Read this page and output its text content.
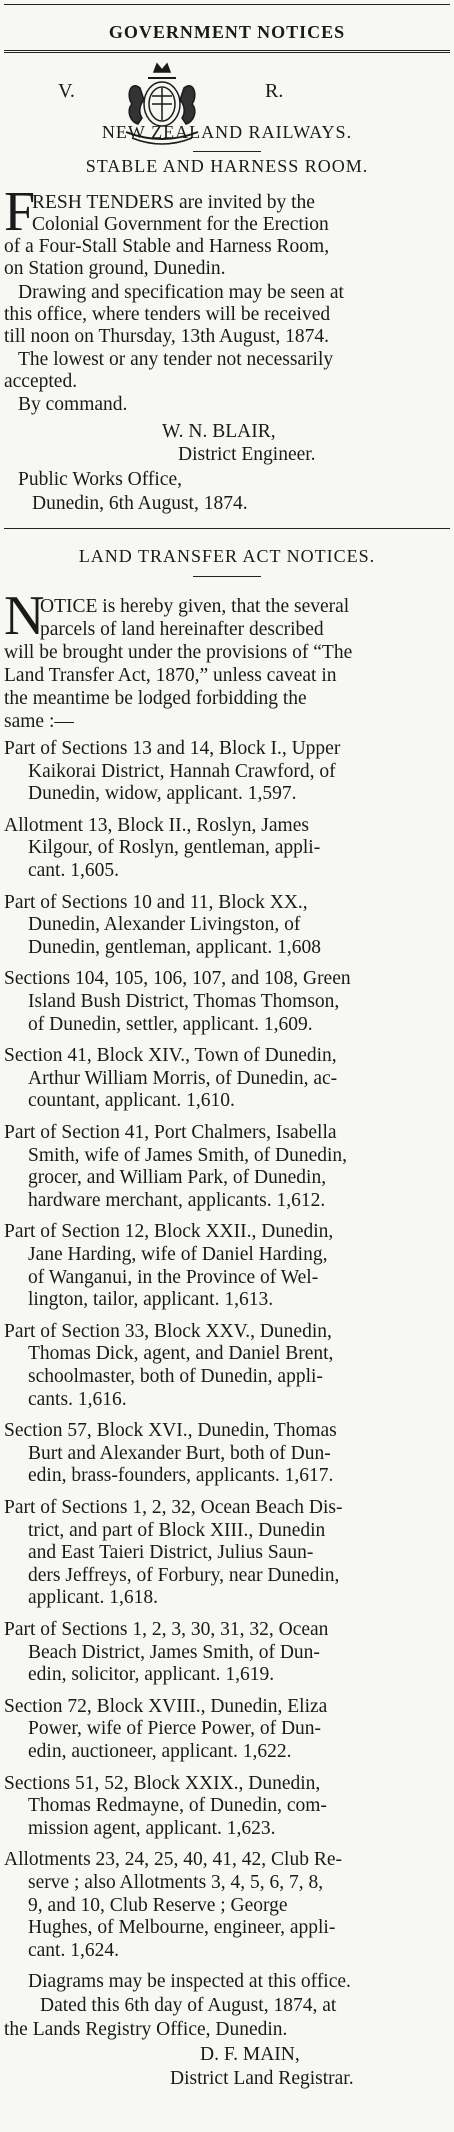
GOVERNMENT NOTICES
V.	R.
NEW ZEALAND RAILWAYS.
STABLE AND HARNESS ROOM.
F
RESH TENDERS are invited by the
Colonial Government for the Erection
of a Four-Stall Stable and Harness Room,
on Station ground, Dunedin.
Drawing and specification may be seen at
this office, where tenders will be received
till noon on Thursday, 13th August, 1874.
The lowest or any tender not necessarily
accepted.
By command.
W. N. BLAIR,
District Engineer.
Public Works Office,
Dunedin, 6th August, 1874.
LAND TRANSFER ACT NOTICES.
N
OTICE is hereby given, that the several
parcels of land hereinafter described
will be brought under the provisions of “The
Land Transfer Act, 1870,” unless caveat in
the meantime be lodged forbidding the
same :—
Part of Sections 13 and 14, Block I., Upper
Kaikorai District, Hannah Crawford, of
Dunedin, widow, applicant. 1,597.
Allotment 13, Block II., Roslyn, James
Kilgour, of Roslyn, gentleman, appli-
cant. 1,605.
Part of Sections 10 and 11, Block XX.,
Dunedin, Alexander Livingston, of
Dunedin, gentleman, applicant. 1,608
Sections 104, 105, 106, 107, and 108, Green
Island Bush District, Thomas Thomson,
of Dunedin, settler, applicant. 1,609.
Section 41, Block XIV., Town of Dunedin,
Arthur William Morris, of Dunedin, ac-
countant, applicant. 1,610.
Part of Section 41, Port Chalmers, Isabella
Smith, wife of James Smith, of Dunedin,
grocer, and William Park, of Dunedin,
hardware merchant, applicants. 1,612.
Part of Section 12, Block XXII., Dunedin,
Jane Harding, wife of Daniel Harding,
of Wanganui, in the Province of Wel-
lington, tailor, applicant. 1,613.
Part of Section 33, Block XXV., Dunedin,
Thomas Dick, agent, and Daniel Brent,
schoolmaster, both of Dunedin, appli-
cants. 1,616.
Section 57, Block XVI., Dunedin, Thomas
Burt and Alexander Burt, both of Dun-
edin, brass-founders, applicants. 1,617.
Part of Sections 1, 2, 32, Ocean Beach Dis-
trict, and part of Block XIII., Dunedin
and East Taieri District, Julius Saun-
ders Jeffreys, of Forbury, near Dunedin,
applicant. 1,618.
Part of Sections 1, 2, 3, 30, 31, 32, Ocean
Beach District, James Smith, of Dun-
edin, solicitor, applicant. 1,619.
Section 72, Block XVIII., Dunedin, Eliza
Power, wife of Pierce Power, of Dun-
edin, auctioneer, applicant. 1,622.
Sections 51, 52, Block XXIX., Dunedin,
Thomas Redmayne, of Dunedin, com-
mission agent, applicant. 1,623.
Allotments 23, 24, 25, 40, 41, 42, Club Re-
serve ; also Allotments 3, 4, 5, 6, 7, 8,
9, and 10, Club Reserve ; George
Hughes, of Melbourne, engineer, appli-
cant. 1,624.
Diagrams may be inspected at this office.
Dated this 6th day of August, 1874, at
the Lands Registry Office, Dunedin.
D. F. MAIN,
District Land Registrar.
